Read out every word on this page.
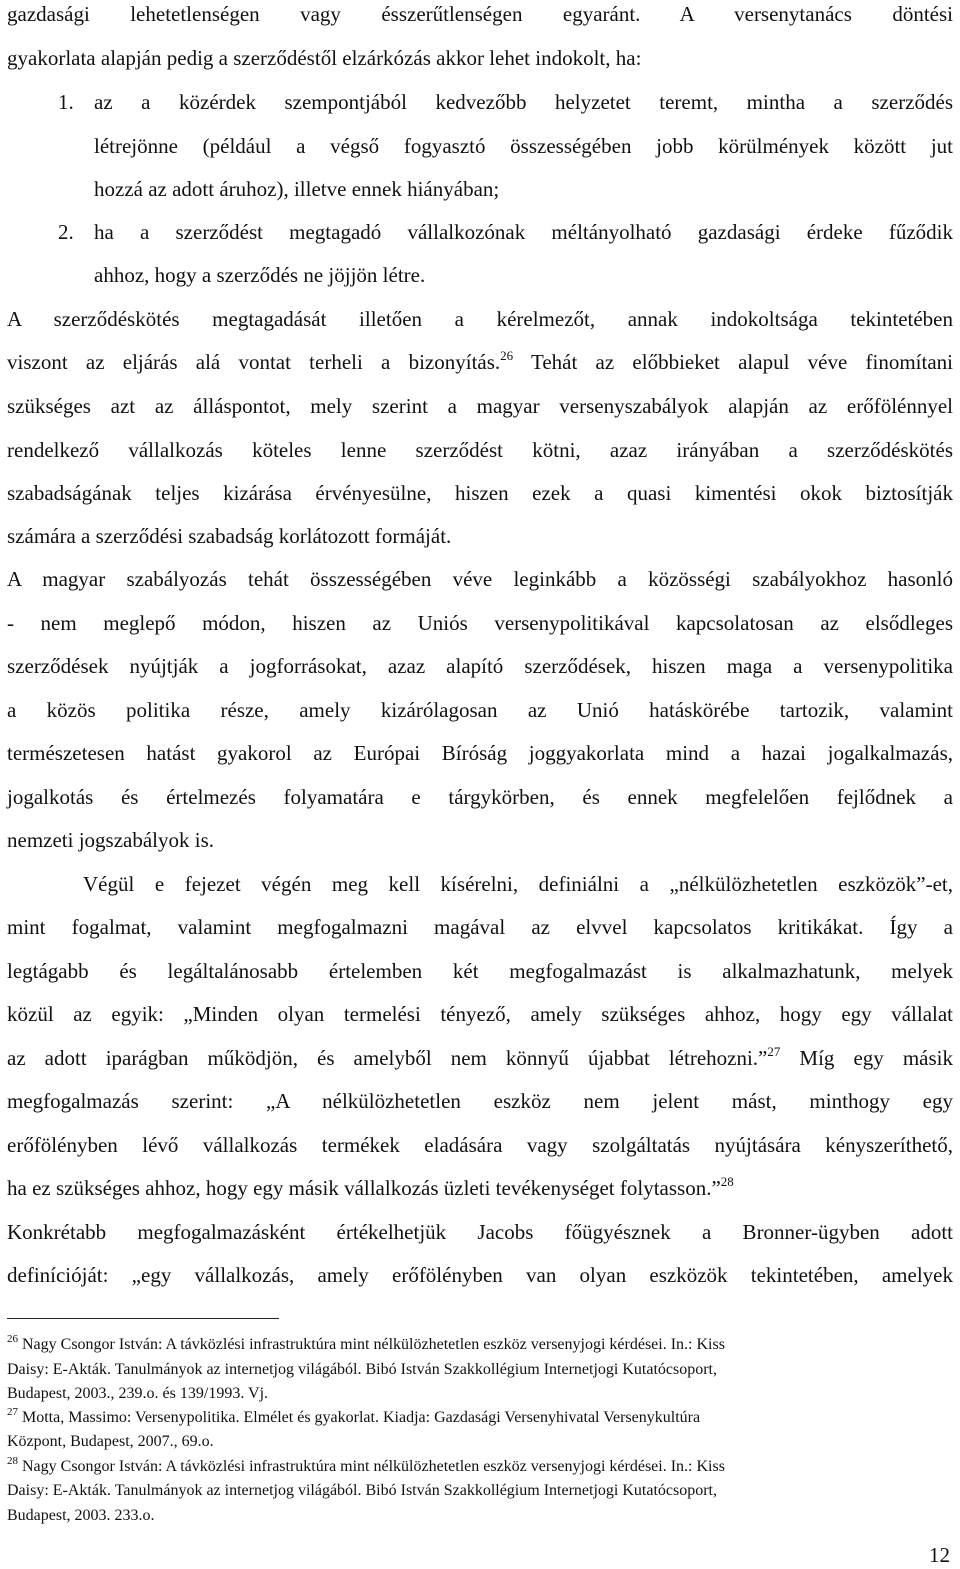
gazdasági lehetetlenségen vagy ésszerűtlenségen egyaránt. A versenytanács döntési
gyakorlata alapján pedig a szerződéstől elzárkózás akkor lehet indokolt, ha:
1. az a közérdek szempontjából kedvezőbb helyzetet teremt, mintha a szerződés
létrejönne (például a végső fogyasztó összességében jobb körülmények között jut
hozzá az adott áruhoz), illetve ennek hiányában;
2. ha a szerződést megtagadó vállalkozónak méltányolható gazdasági érdeke fűződik
ahhoz, hogy a szerződés ne jöjjön létre.
A szerződéskötés megtagadását illetően a kérelmezőt, annak indokoltsága tekintetében
viszont az eljárás alá vontat terheli a bizonyítás.$^{26}$ Tehát az előbbieket alapul véve finomítani
szükséges azt az álláspontot, mely szerint a magyar versenyszabályok alapján az erőfölénnyel
rendelkező vállalkozás köteles lenne szerződést kötni, azaz irányában a szerződéskötés
szabadságának teljes kizárása érvényesülne, hiszen ezek a quasi kimentési okok biztosítják
számára a szerződési szabadság korlátozott formáját.
A magyar szabályozás tehát összességében véve leginkább a közösségi szabályokhoz hasonló
- nem meglepő módon, hiszen az Uniós versenypolitikával kapcsolatosan az elsődleges
szerződések nyújtják a jogforrásokat, azaz alapító szerződések, hiszen maga a versenypolitika
a közös politika része, amely kizárólagosan az Unió hatáskörébe tartozik, valamint
természetesen hatást gyakorol az Európai Bíróság joggyakorlata mind a hazai jogalkalmazás,
jogalkotás és értelmezés folyamatára e tárgykörben, és ennek megfelelően fejlődnek a
nemzeti jogszabályok is.
Végül e fejezet végén meg kell kísérelni, definiálni a „nélkülözhetetlen eszközök”-et,
mint fogalmat, valamint megfogalmazni magával az elvvel kapcsolatos kritikákat. Így a
legtágabb és legáltalánosabb értelemben két megfogalmazást is alkalmazhatunk, melyek
közül az egyik: „Minden olyan termelési tényező, amely szükséges ahhoz, hogy egy vállalat
az adott iparágban működjön, és amelyből nem könnyű újabbat létrehozni.”$^{27}$ Míg egy másik
megfogalmazás szerint: „A nélkülözhetetlen eszköz nem jelent mást, minthogy egy
erőfölényben lévő vállalkozás termékek eladására vagy szolgáltatás nyújtására kényszeríthető,
ha ez szükséges ahhoz, hogy egy másik vállalkozás üzleti tevékenységet folytasson.”$^{28}$
Konkrétabb megfogalmazásként értékelhetjük Jacobs főügyésznek a Bronner-ügyben adott
definícióját: „egy vállalkozás, amely erőfölényben van olyan eszközök tekintetében, amelyek
$^{26}$ Nagy Csongor István: A távközlési infrastruktúra mint nélkülözhetetlen eszköz versenyjogi kérdései. In.: Kiss
Daisy: E-Akták. Tanulmányok az internetjog világából. Bibó István Szakkollégium Internetjogi Kutatócsoport,
Budapest, 2003., 239.o. és 139/1993. Vj.
$^{27}$ Motta, Massimo: Versenypolitika. Elmélet és gyakorlat. Kiadja: Gazdasági Versenyhivatal Versenykultúra
Központ, Budapest, 2007., 69.o.
$^{28}$ Nagy Csongor István: A távközlési infrastruktúra mint nélkülözhetetlen eszköz versenyjogi kérdései. In.: Kiss
Daisy: E-Akták. Tanulmányok az internetjog világából. Bibó István Szakkollégium Internetjogi Kutatócsoport,
Budapest, 2003. 233.o.
12
